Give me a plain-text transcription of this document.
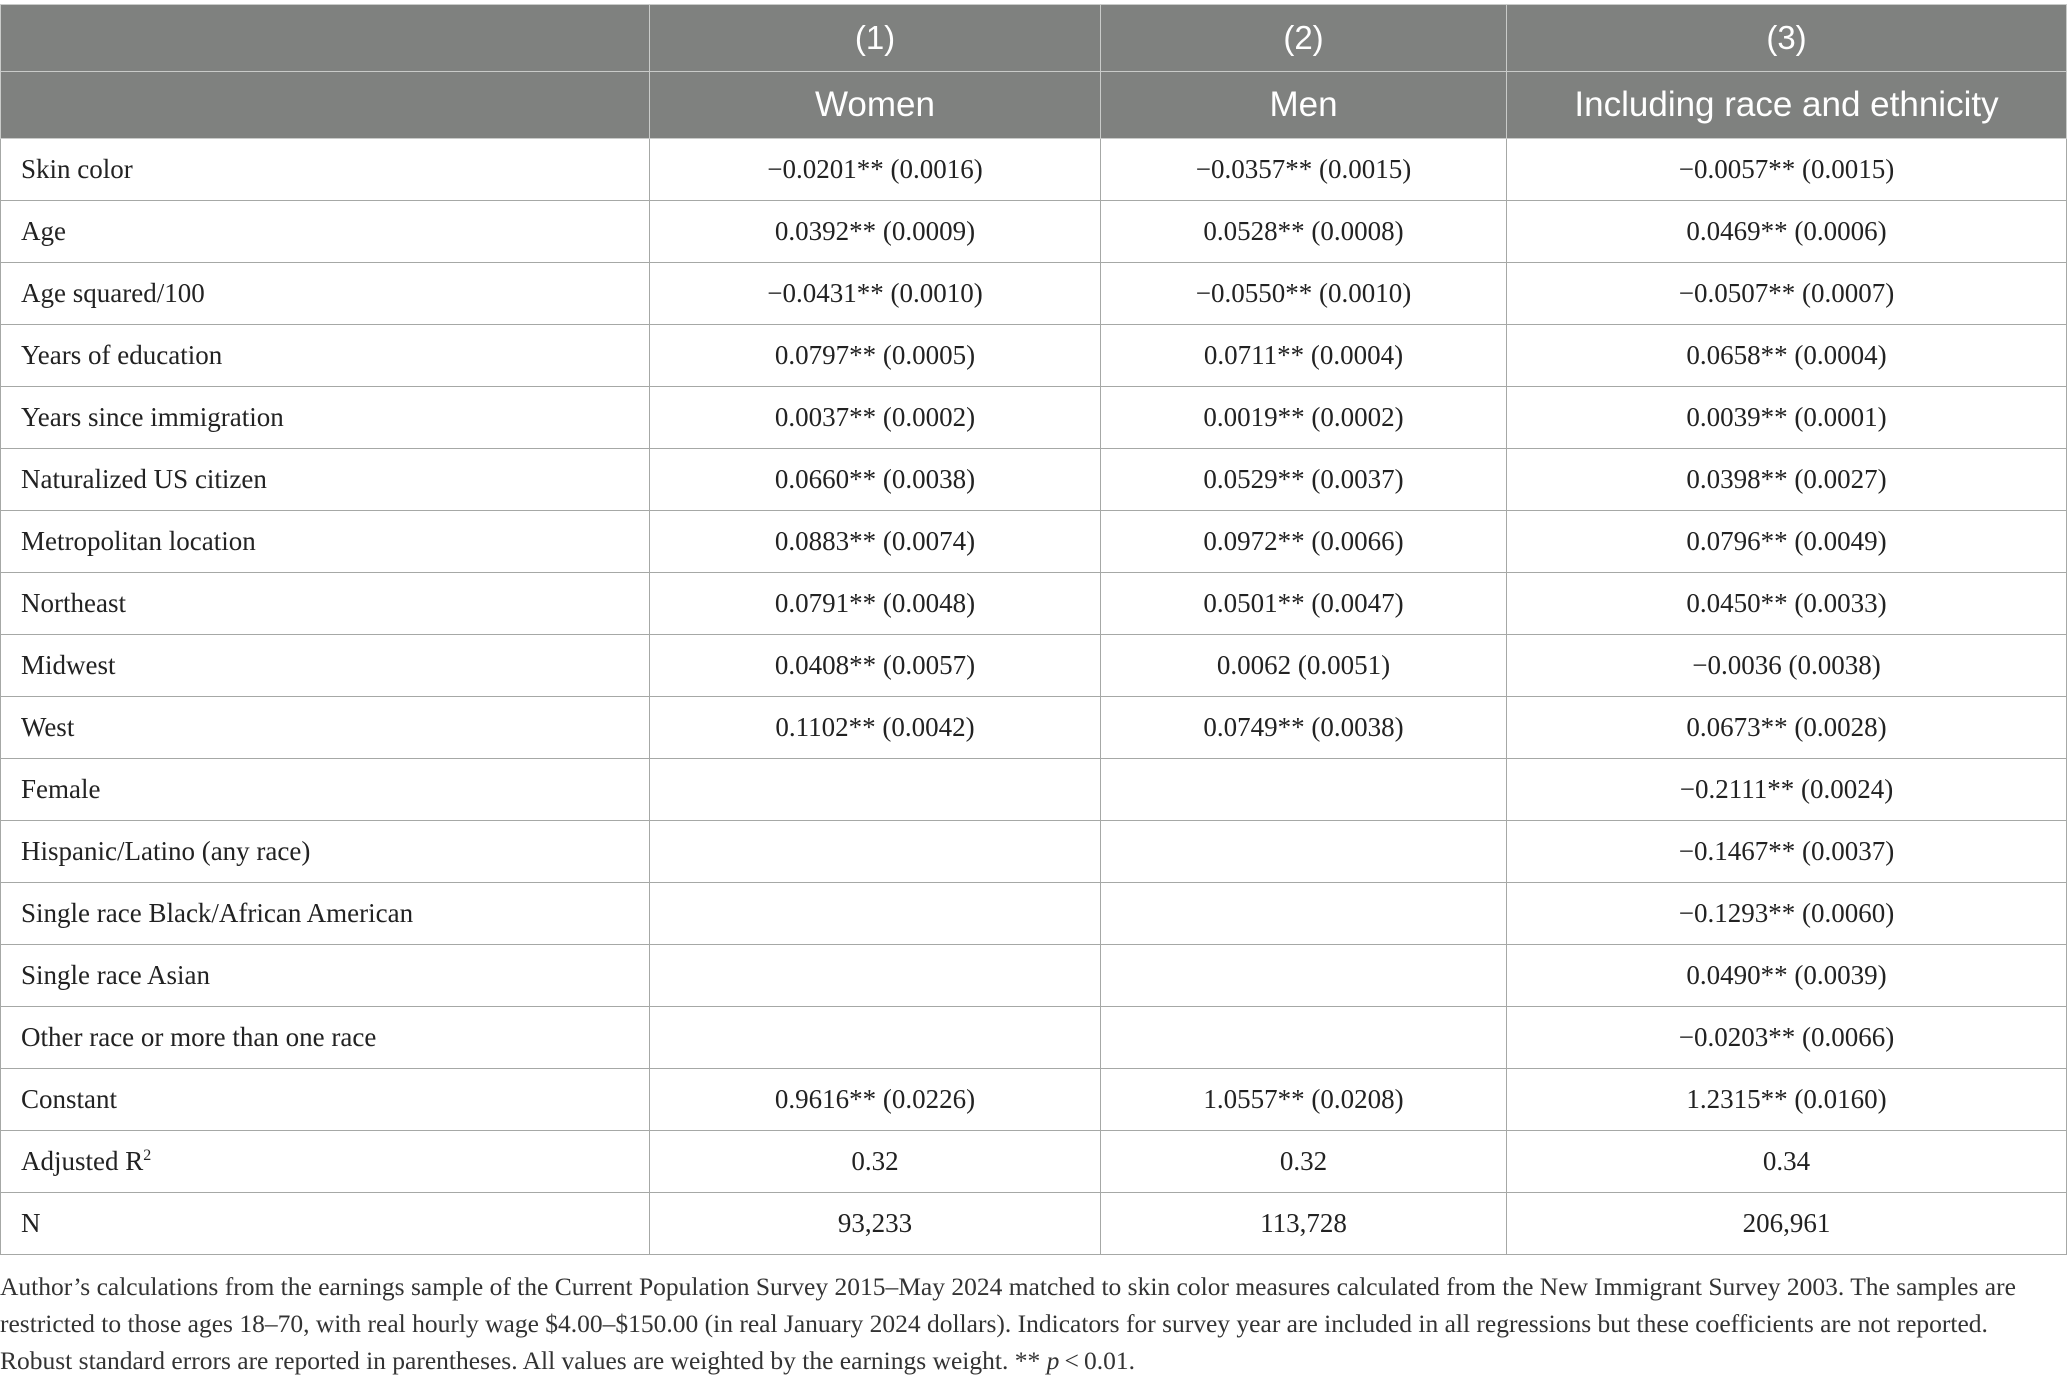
	(1)	(2)	(3)
	Women	Men	Including race and ethnicity
Skin color	−0.0201** (0.0016)	−0.0357** (0.0015)	−0.0057** (0.0015)
Age	0.0392** (0.0009)	0.0528** (0.0008)	0.0469** (0.0006)
Age squared/100	−0.0431** (0.0010)	−0.0550** (0.0010)	−0.0507** (0.0007)
Years of education	0.0797** (0.0005)	0.0711** (0.0004)	0.0658** (0.0004)
Years since immigration	0.0037** (0.0002)	0.0019** (0.0002)	0.0039** (0.0001)
Naturalized US citizen	0.0660** (0.0038)	0.0529** (0.0037)	0.0398** (0.0027)
Metropolitan location	0.0883** (0.0074)	0.0972** (0.0066)	0.0796** (0.0049)
Northeast	0.0791** (0.0048)	0.0501** (0.0047)	0.0450** (0.0033)
Midwest	0.0408** (0.0057)	0.0062 (0.0051)	−0.0036 (0.0038)
West	0.1102** (0.0042)	0.0749** (0.0038)	0.0673** (0.0028)
Female			−0.2111** (0.0024)
Hispanic/Latino (any race)			−0.1467** (0.0037)
Single race Black/African American			−0.1293** (0.0060)
Single race Asian			0.0490** (0.0039)
Other race or more than one race			−0.0203** (0.0066)
Constant	0.9616** (0.0226)	1.0557** (0.0208)	1.2315** (0.0160)
Adjusted $R^2$	0.32	0.32	0.34
N	93,233	113,728	206,961
Author’s calculations from the earnings sample of the Current Population Survey 2015–May 2024 matched to skin color measures calculated from the New Immigrant Survey 2003. The samples are restricted to those ages 18–70, with real hourly wage $4.00–$150.00 (in real January 2024 dollars). Indicators for survey year are included in all regressions but these coefficients are not reported. Robust standard errors are reported in parentheses. All values are weighted by the earnings weight. ** p < 0.01.
